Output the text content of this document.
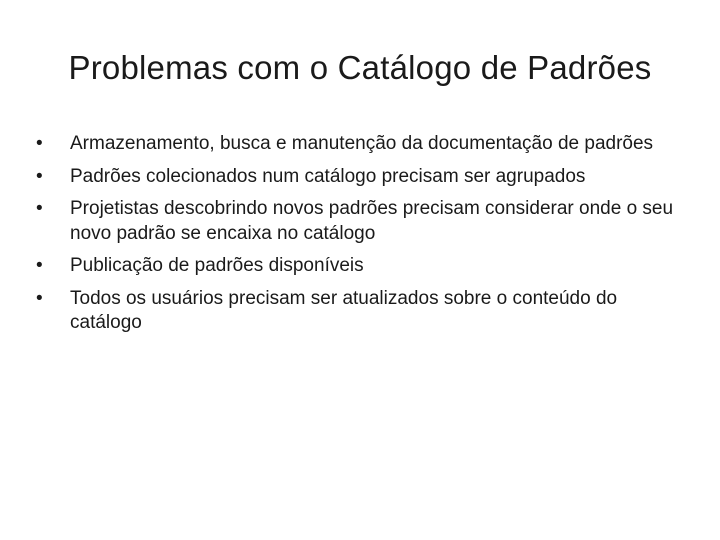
Problemas com o Catálogo de Padrões
•	Armazenamento, busca e manutenção da documentação de padrões
•	Padrões colecionados num catálogo precisam ser agrupados
•	Projetistas descobrindo novos padrões precisam considerar onde o seu novo padrão se encaixa no catálogo
•	Publicação de padrões disponíveis
•	Todos os usuários precisam ser atualizados sobre o conteúdo do catálogo
